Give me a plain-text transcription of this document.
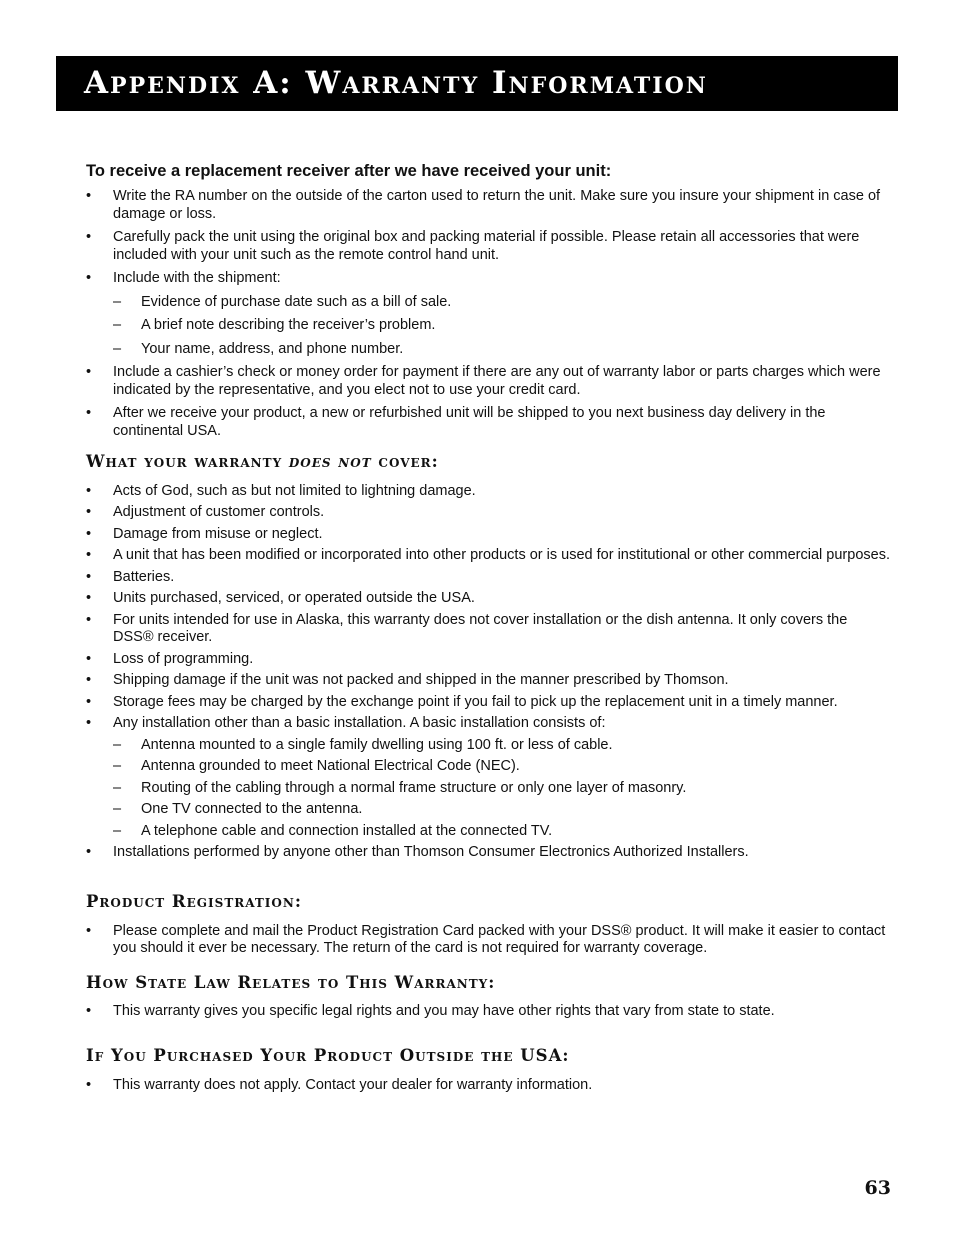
Appendix A: Warranty Information

To receive a replacement receiver after we have received your unit:

• Write the RA number on the outside of the carton used to return the unit. Make sure you insure your shipment in case of damage or loss.
• Carefully pack the unit using the original box and packing material if possible. Please retain all accessories that were included with your unit such as the remote control hand unit.
• Include with the shipment:
– Evidence of purchase date such as a bill of sale.
– A brief note describing the receiver’s problem.
– Your name, address, and phone number.
• Include a cashier’s check or money order for payment if there are any out of warranty labor or parts charges which were indicated by the representative, and you elect not to use your credit card.
• After we receive your product, a new or refurbished unit will be shipped to you next business day delivery in the continental USA.
What your warranty does not cover:
• Acts of God, such as but not limited to lightning damage.
• Adjustment of customer controls.
• Damage from misuse or neglect.
• A unit that has been modified or incorporated into other products or is used for institutional or other commercial purposes.
• Batteries.
• Units purchased, serviced, or operated outside the USA.
• For units intended for use in Alaska, this warranty does not cover installation or the dish antenna. It only covers the DSS® receiver.
• Loss of programming.
• Shipping damage if the unit was not packed and shipped in the manner prescribed by Thomson.
• Storage fees may be charged by the exchange point if you fail to pick up the replacement unit in a timely manner.
• Any installation other than a basic installation. A basic installation consists of:
– Antenna mounted to a single family dwelling using 100 ft. or less of cable.
– Antenna grounded to meet National Electrical Code (NEC).
– Routing of the cabling through a normal frame structure or only one layer of masonry.
– One TV connected to the antenna.
– A telephone cable and connection installed at the connected TV.
• Installations performed by anyone other than Thomson Consumer Electronics Authorized Installers.
Product Registration:
• Please complete and mail the Product Registration Card packed with your DSS® product. It will make it easier to contact you should it ever be necessary. The return of the card is not required for warranty coverage.
How State Law Relates to This Warranty:
• This warranty gives you specific legal rights and you may have other rights that vary from state to state.
If You Purchased Your Product Outside the USA:
• This warranty does not apply. Contact your dealer for warranty information.
63
